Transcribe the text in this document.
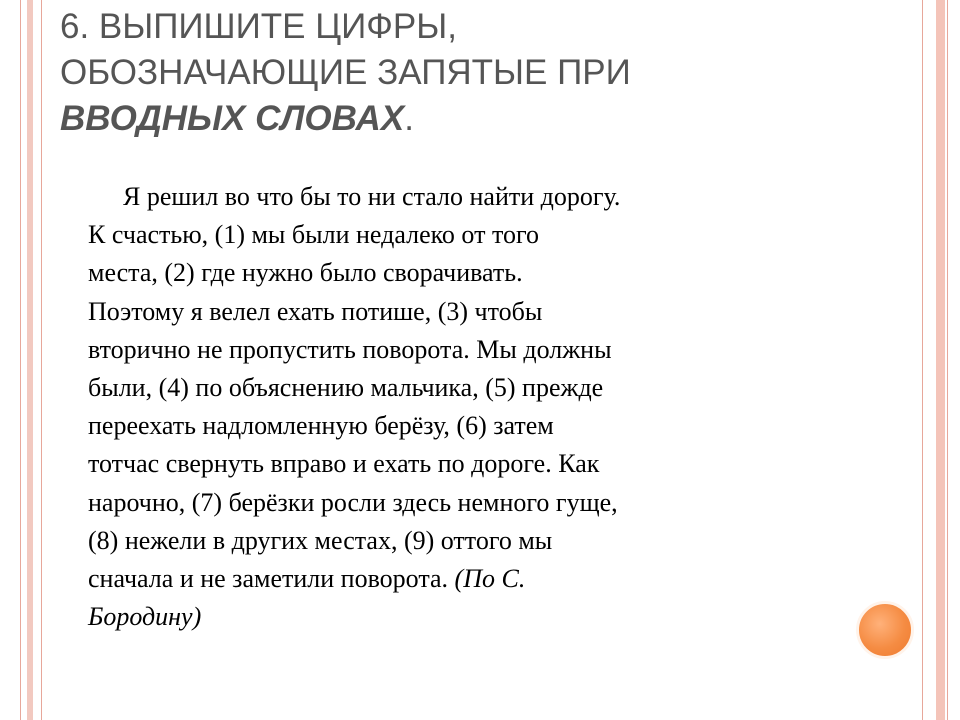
6. ВЫПИШИТЕ ЦИФРЫ,
ОБОЗНАЧАЮЩИЕ ЗАПЯТЫЕ ПРИ
ВВОДНЫХ СЛОВАХ.
Я решил во что бы то ни стало найти дорогу.
К счастью, (1) мы были недалеко от того
места, (2) где нужно было сворачивать.
Поэтому я велел ехать потише, (3) чтобы
вторично не пропустить поворота. Мы должны
были, (4) по объяснению мальчика, (5) прежде
переехать надломленную берёзу, (6) затем
тотчас свернуть вправо и ехать по дороге. Как
нарочно, (7) берёзки росли здесь немного гуще,
(8) нежели в других местах, (9) оттого мы
сначала и не заметили поворота. (По С.
Бородину)
